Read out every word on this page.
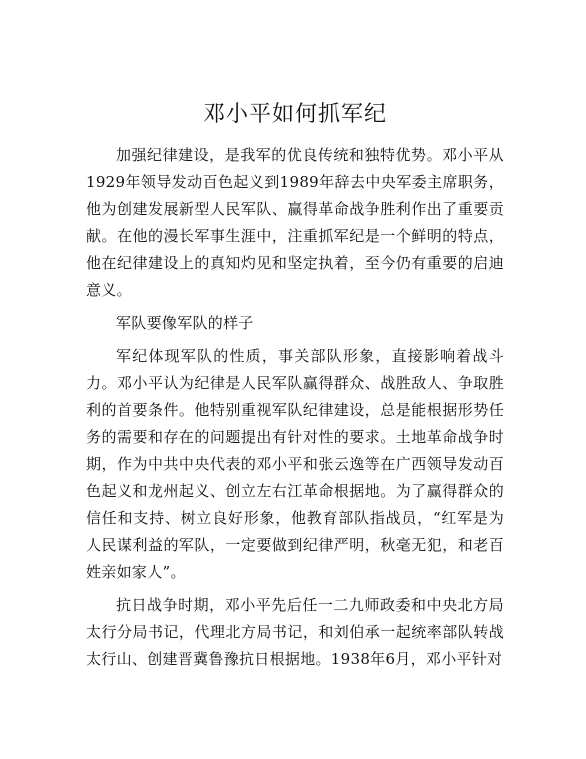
邓小平如何抓军纪

加强纪律建设，是我军的优良传统和独特优势。邓小平从1929年领导发动百色起义到1989年辞去中央军委主席职务，他为创建发展新型人民军队、赢得革命战争胜利作出了重要贡献。在他的漫长军事生涯中，注重抓军纪是一个鲜明的特点，他在纪律建设上的真知灼见和坚定执着，至今仍有重要的启迪意义。

军队要像军队的样子

军纪体现军队的性质，事关部队形象，直接影响着战斗力。邓小平认为纪律是人民军队赢得群众、战胜敌人、争取胜利的首要条件。他特别重视军队纪律建设，总是能根据形势任务的需要和存在的问题提出有针对性的要求。土地革命战争时期，作为中共中央代表的邓小平和张云逸等在广西领导发动百色起义和龙州起义、创立左右江革命根据地。为了赢得群众的信任和支持、树立良好形象，他教育部队指战员，“红军是为人民谋利益的军队，一定要做到纪律严明，秋毫无犯，和老百姓亲如家人”。

抗日战争时期，邓小平先后任一二九师政委和中央北方局太行分局书记，代理北方局书记，和刘伯承一起统率部队转战太行山、创建晋冀鲁豫抗日根据地。1938年6月，邓小平针对
